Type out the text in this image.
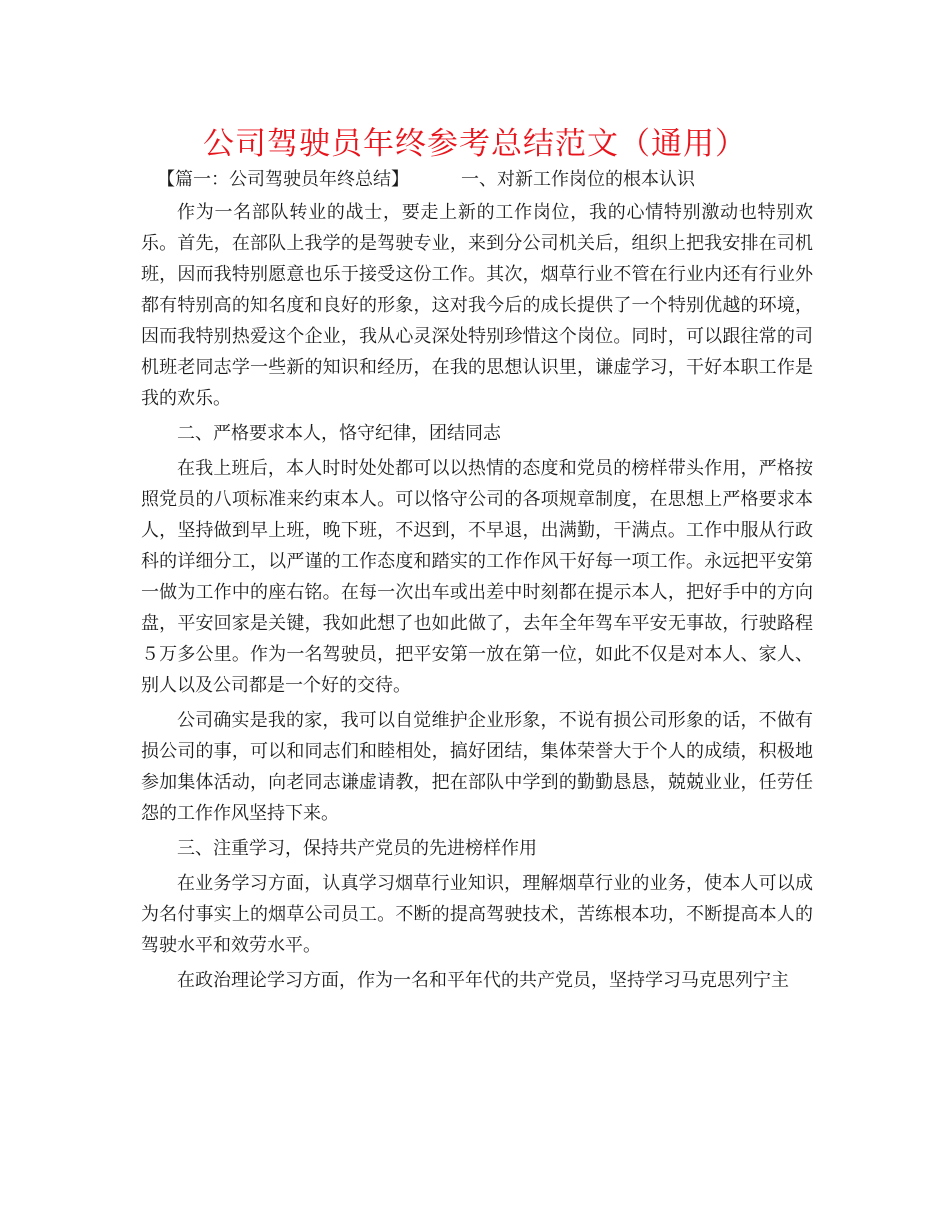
公司驾驶员年终参考总结范文（通用）

【篇一：公司驾驶员年终总结】	一、对新工作岗位的根本认识

作为一名部队转业的战士，要走上新的工作岗位，我的心情特别激动也特别欢乐。首先，在部队上我学的是驾驶专业，来到分公司机关后，组织上把我安排在司机班，因而我特别愿意也乐于接受这份工作。其次，烟草行业不管在行业内还有行业外都有特别高的知名度和良好的形象，这对我今后的成长提供了一个特别优越的环境，因而我特别热爱这个企业，我从心灵深处特别珍惜这个岗位。同时，可以跟往常的司机班老同志学一些新的知识和经历，在我的思想认识里，谦虚学习，干好本职工作是我的欢乐。

二、严格要求本人，恪守纪律，团结同志

在我上班后，本人时时处处都可以以热情的态度和党员的榜样带头作用，严格按照党员的八项标准来约束本人。可以恪守公司的各项规章制度，在思想上严格要求本人，坚持做到早上班，晚下班，不迟到，不早退，出满勤，干满点。工作中服从行政科的详细分工，以严谨的工作态度和踏实的工作作风干好每一项工作。永远把平安第一做为工作中的座右铭。在每一次出车或出差中时刻都在提示本人，把好手中的方向盘，平安回家是关键，我如此想了也如此做了，去年全年驾车平安无事故，行驶路程５万多公里。作为一名驾驶员，把平安第一放在第一位，如此不仅是对本人、家人、别人以及公司都是一个好的交待。

公司确实是我的家，我可以自觉维护企业形象，不说有损公司形象的话，不做有损公司的事，可以和同志们和睦相处，搞好团结，集体荣誉大于个人的成绩，积极地参加集体活动，向老同志谦虚请教，把在部队中学到的勤勤恳恳，兢兢业业，任劳任怨的工作作风坚持下来。

三、注重学习，保持共产党员的先进榜样作用

在业务学习方面，认真学习烟草行业知识，理解烟草行业的业务，使本人可以成为名付事实上的烟草公司员工。不断的提高驾驶技术，苦练根本功，不断提高本人的驾驶水平和效劳水平。

在政治理论学习方面，作为一名和平年代的共产党员，坚持学习马克思列宁主
